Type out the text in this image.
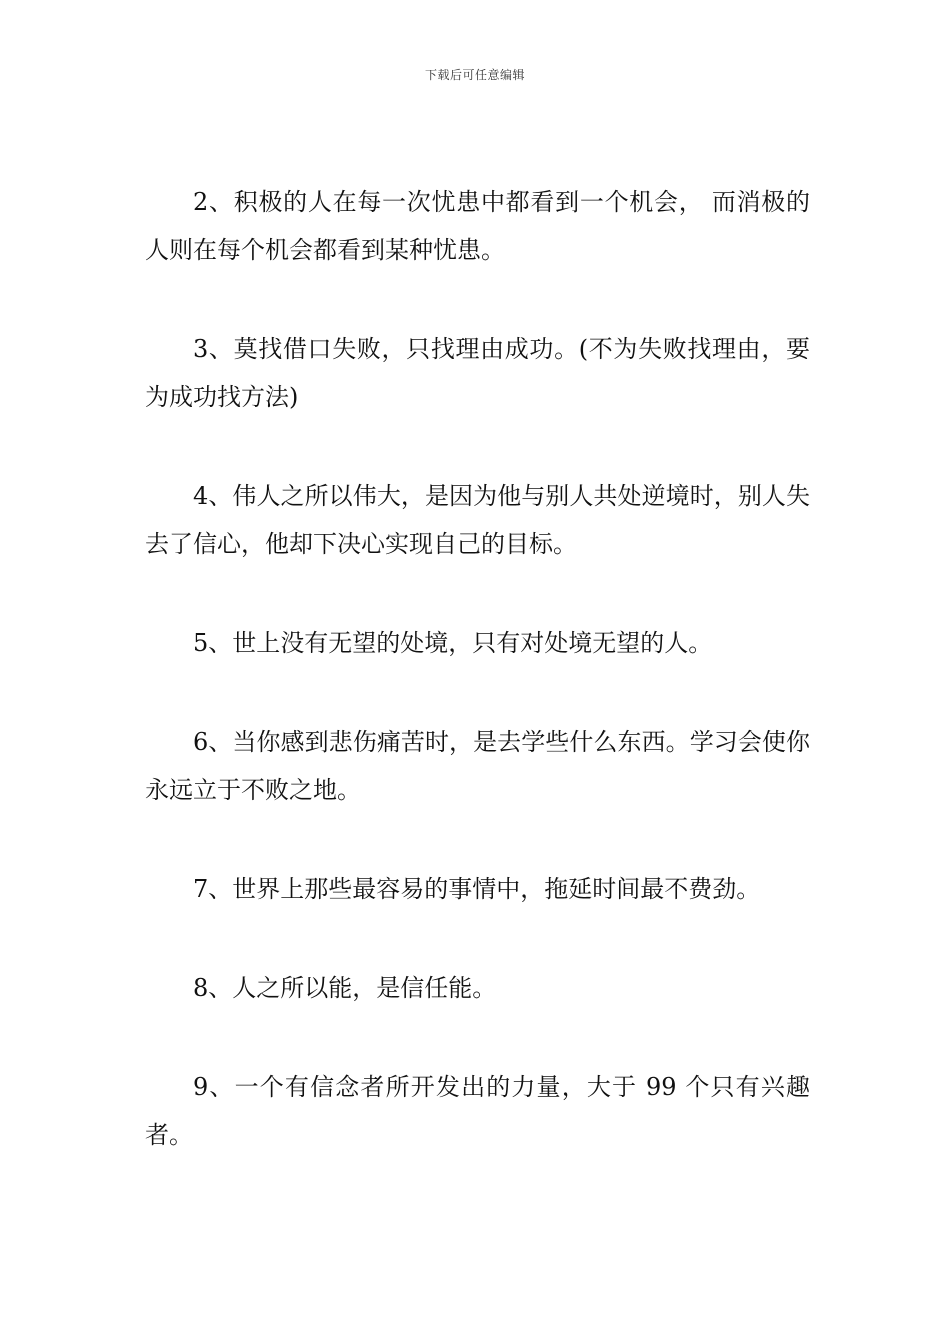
下载后可任意编辑

2、积极的人在每一次忧患中都看到一个机会， 而消极的人则在每个机会都看到某种忧患。

3、莫找借口失败，只找理由成功。(不为失败找理由，要为成功找方法)

4、伟人之所以伟大，是因为他与别人共处逆境时，别人失去了信心，他却下决心实现自己的目标。

5、世上没有无望的处境，只有对处境无望的人。

6、当你感到悲伤痛苦时，是去学些什么东西。学习会使你永远立于不败之地。

7、世界上那些最容易的事情中，拖延时间最不费劲。

8、人之所以能，是信任能。

9、一个有信念者所开发出的力量，大于 99 个只有兴趣者。
